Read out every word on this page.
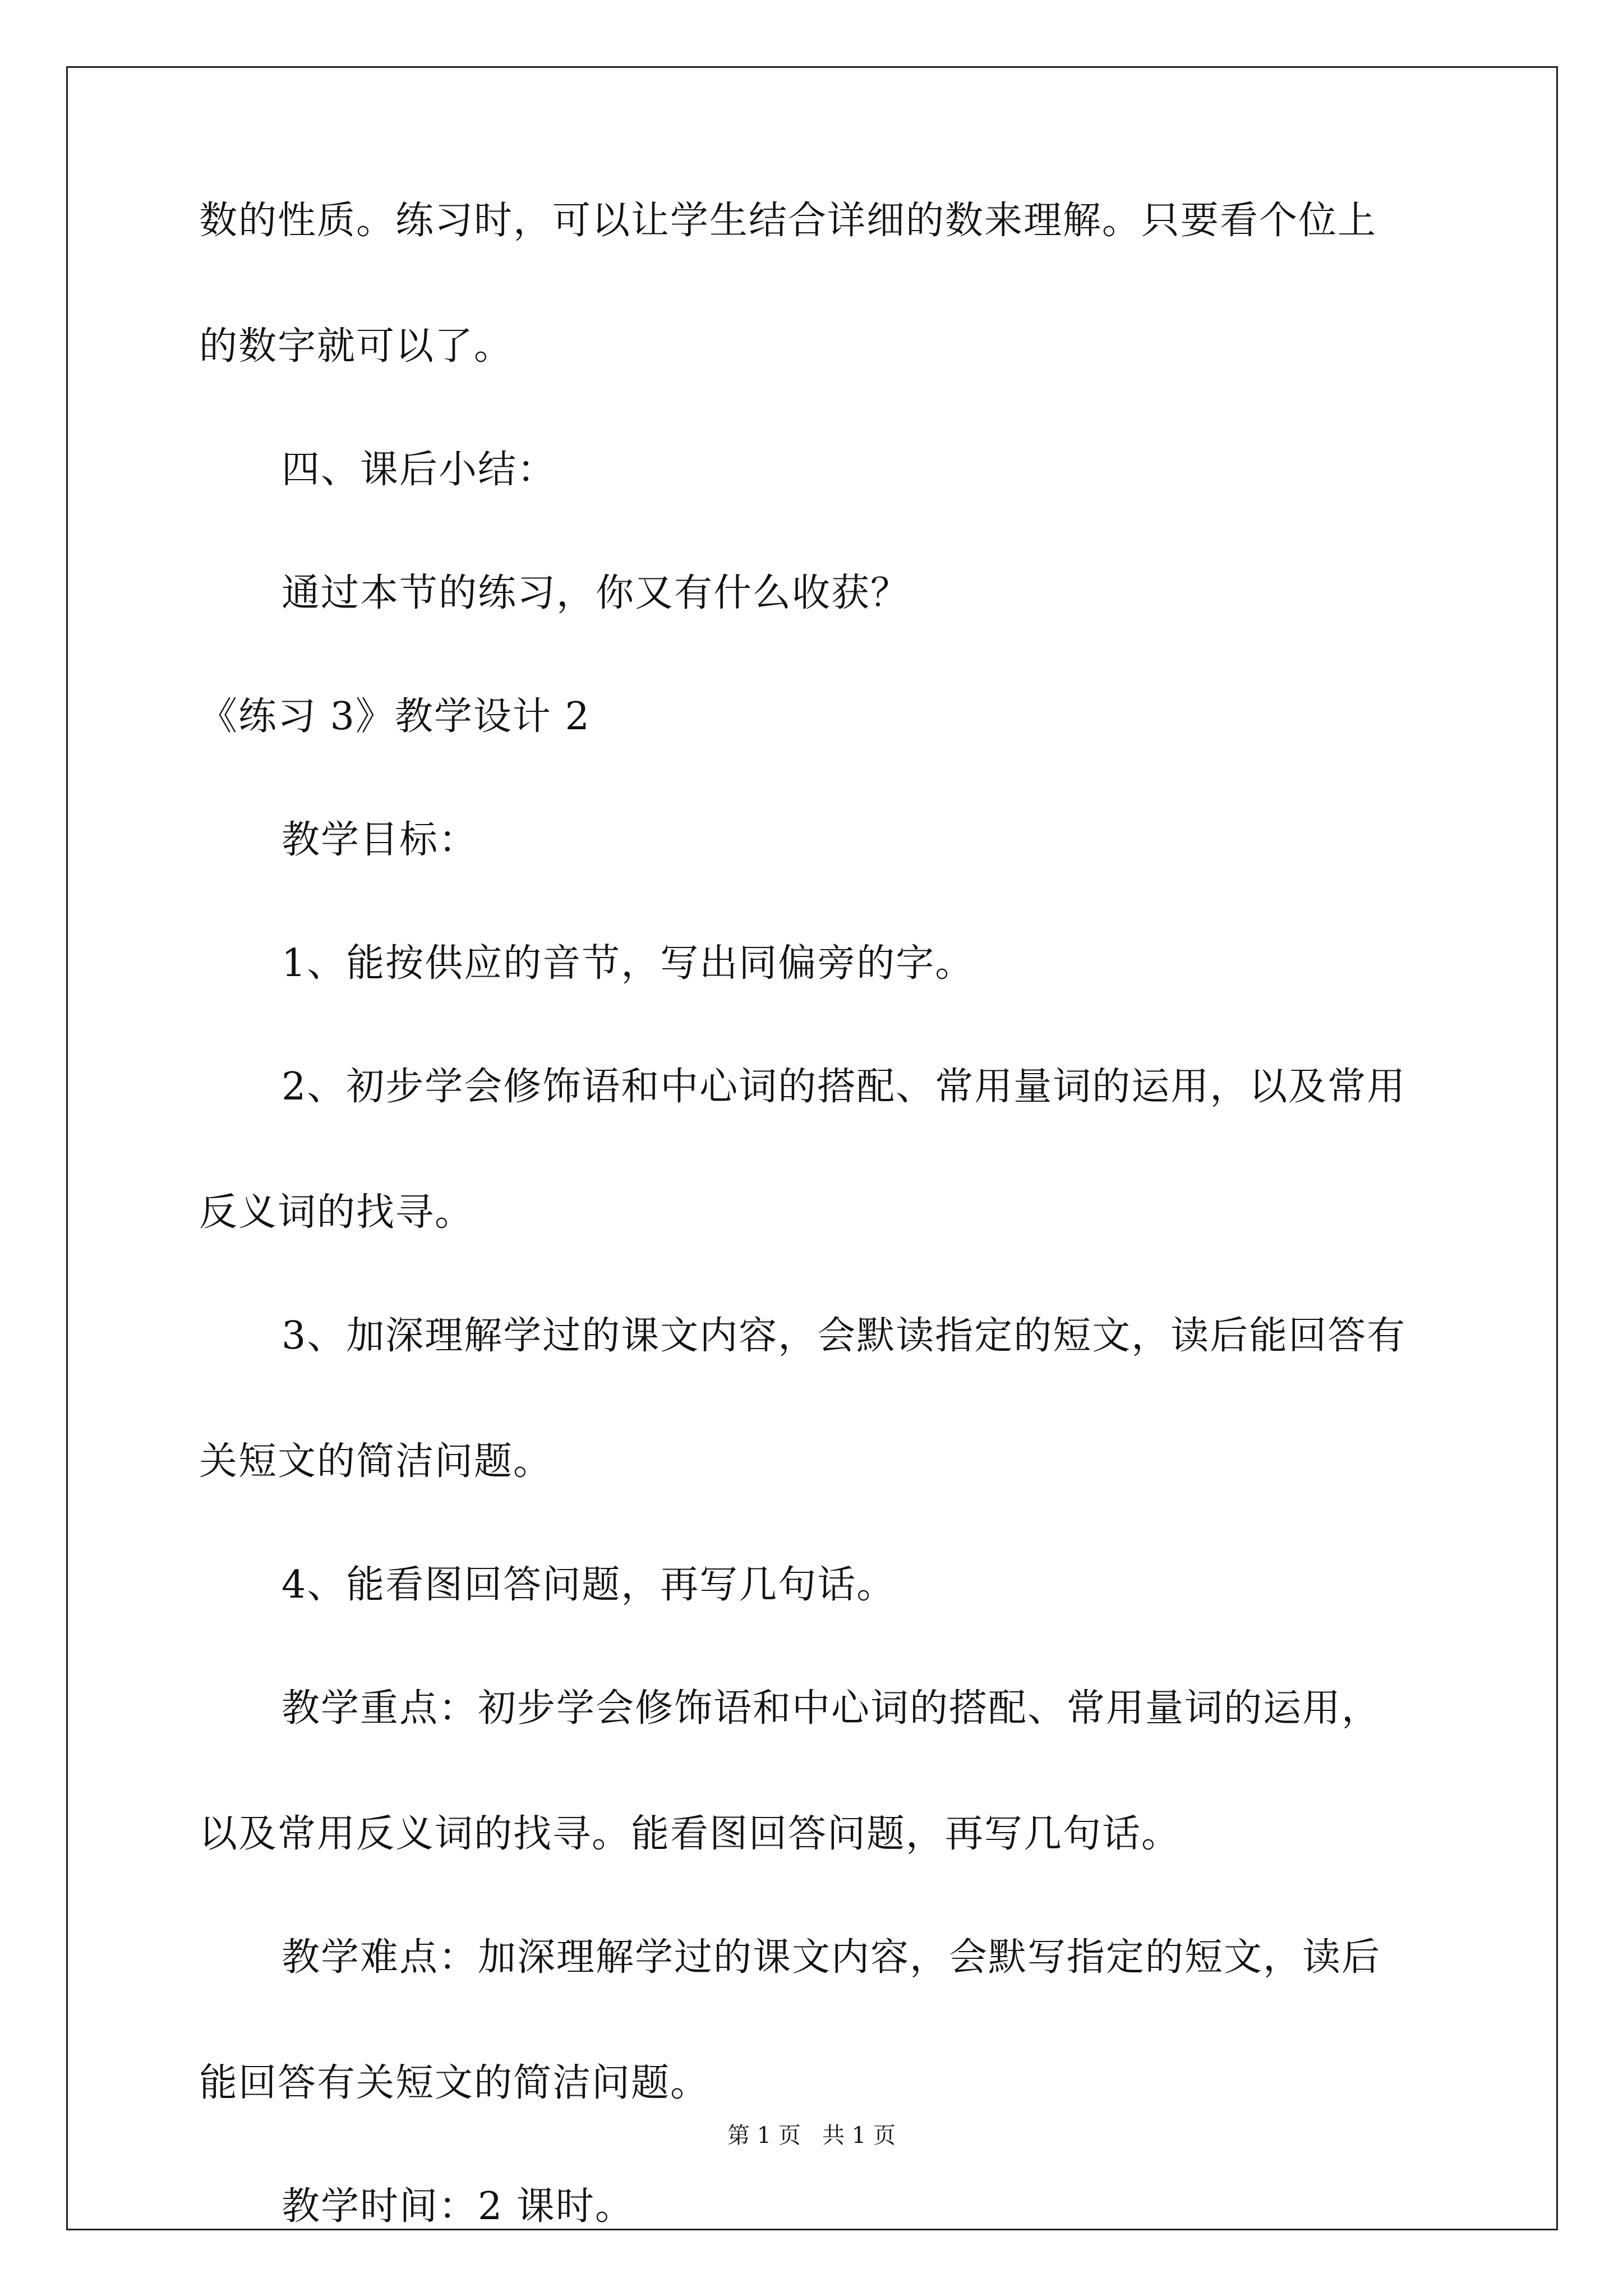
数的性质。练习时，可以让学生结合详细的数来理解。只要看个位上
的数字就可以了。
四、课后小结：
通过本节的练习，你又有什么收获？
《练习 3》教学设计 2
教学目标：
1、能按供应的音节，写出同偏旁的字。
2、初步学会修饰语和中心词的搭配、常用量词的运用，以及常用
反义词的找寻。
3、加深理解学过的课文内容，会默读指定的短文，读后能回答有
关短文的简洁问题。
4、能看图回答问题，再写几句话。
教学重点：初步学会修饰语和中心词的搭配、常用量词的运用，
以及常用反义词的找寻。能看图回答问题，再写几句话。
教学难点：加深理解学过的课文内容，会默写指定的短文，读后
能回答有关短文的简洁问题。
教学时间：2 课时。
第 1 页 共 1 页
